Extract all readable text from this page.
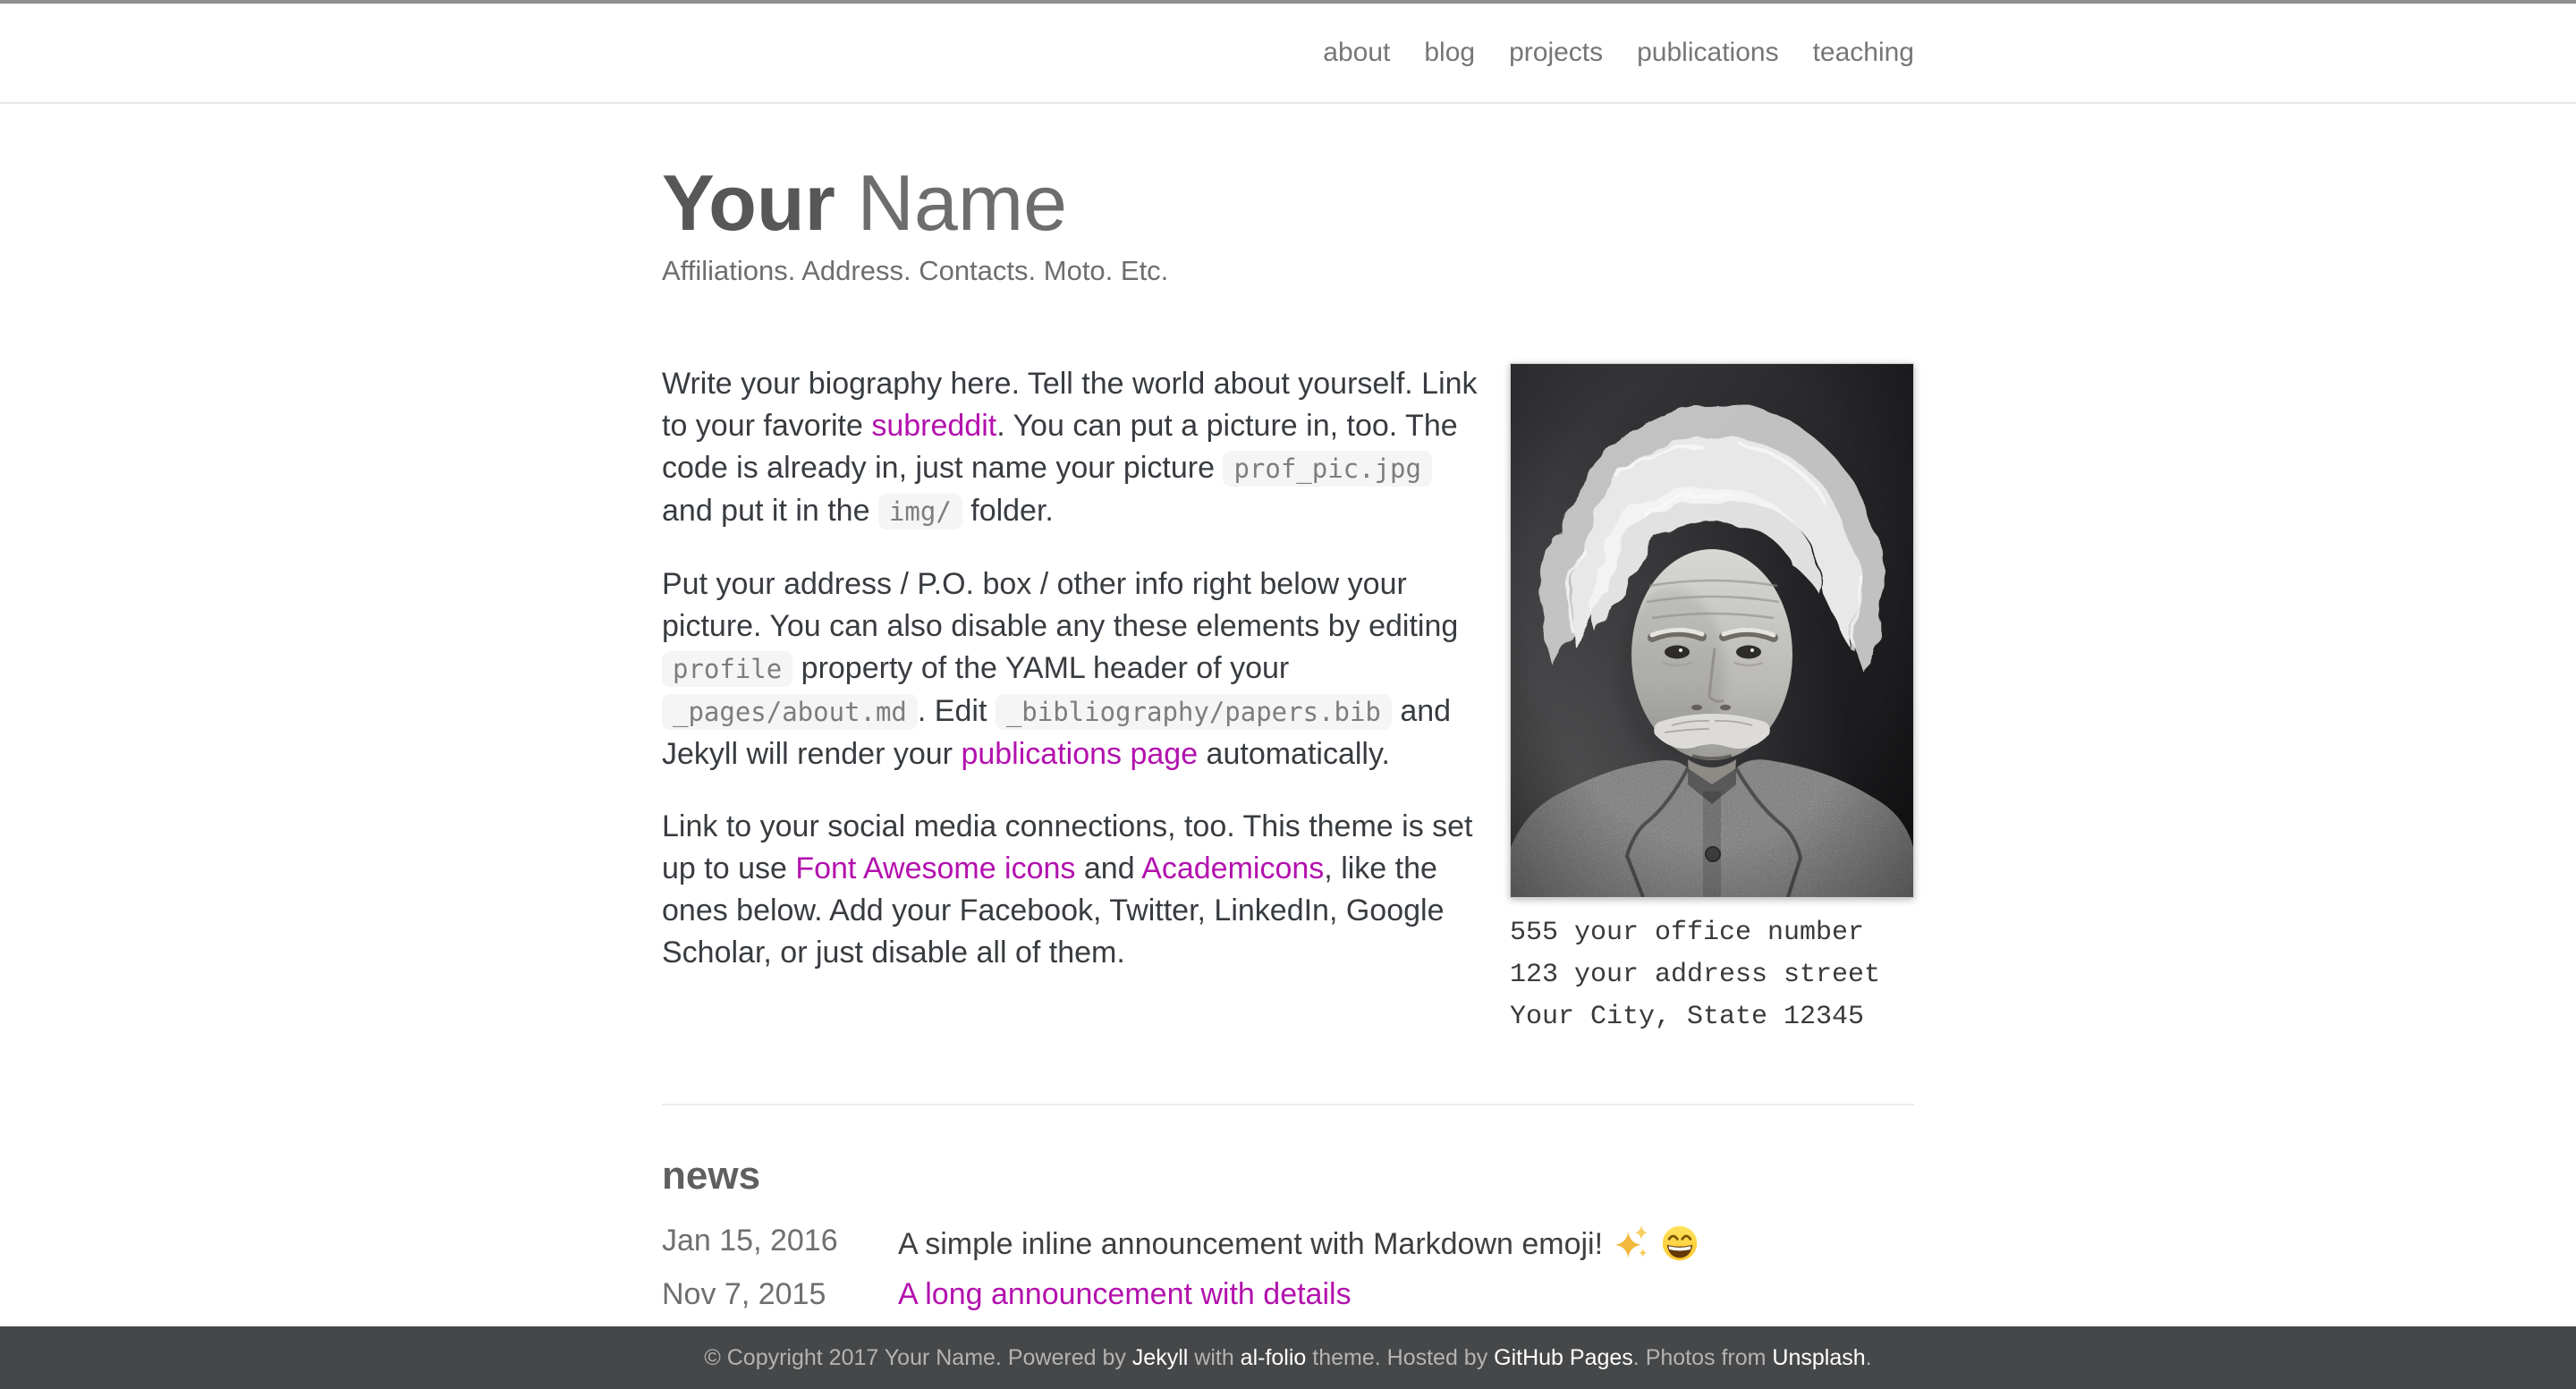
about blog projects publications teaching
Your Name

Affiliations. Address. Contacts. Moto. Etc.

555 your office number
123 your address street
Your City, State 12345

Write your biography here. Tell the world about yourself. Link to your favorite subreddit. You can put a picture in, too. The code is already in, just name your picture prof_pic.jpg and put it in the img/ folder.

Put your address / P.O. box / other info right below your picture. You can also disable any these elements by editing profile property of the YAML header of your _pages/about.md . Edit _bibliography/papers.bib and Jekyll will render your publications page automatically.

Link to your social media connections, too. This theme is set up to use Font Awesome icons and Academicons, like the ones below. Add your Facebook, Twitter, LinkedIn, Google Scholar, or just disable all of them.

news
Jan 15, 2016	A simple inline announcement with Markdown emoji!
Nov 7, 2015	A long announcement with details
© Copyright 2017 Your Name. Powered by Jekyll with al-folio theme. Hosted by GitHub Pages. Photos from Unsplash.
